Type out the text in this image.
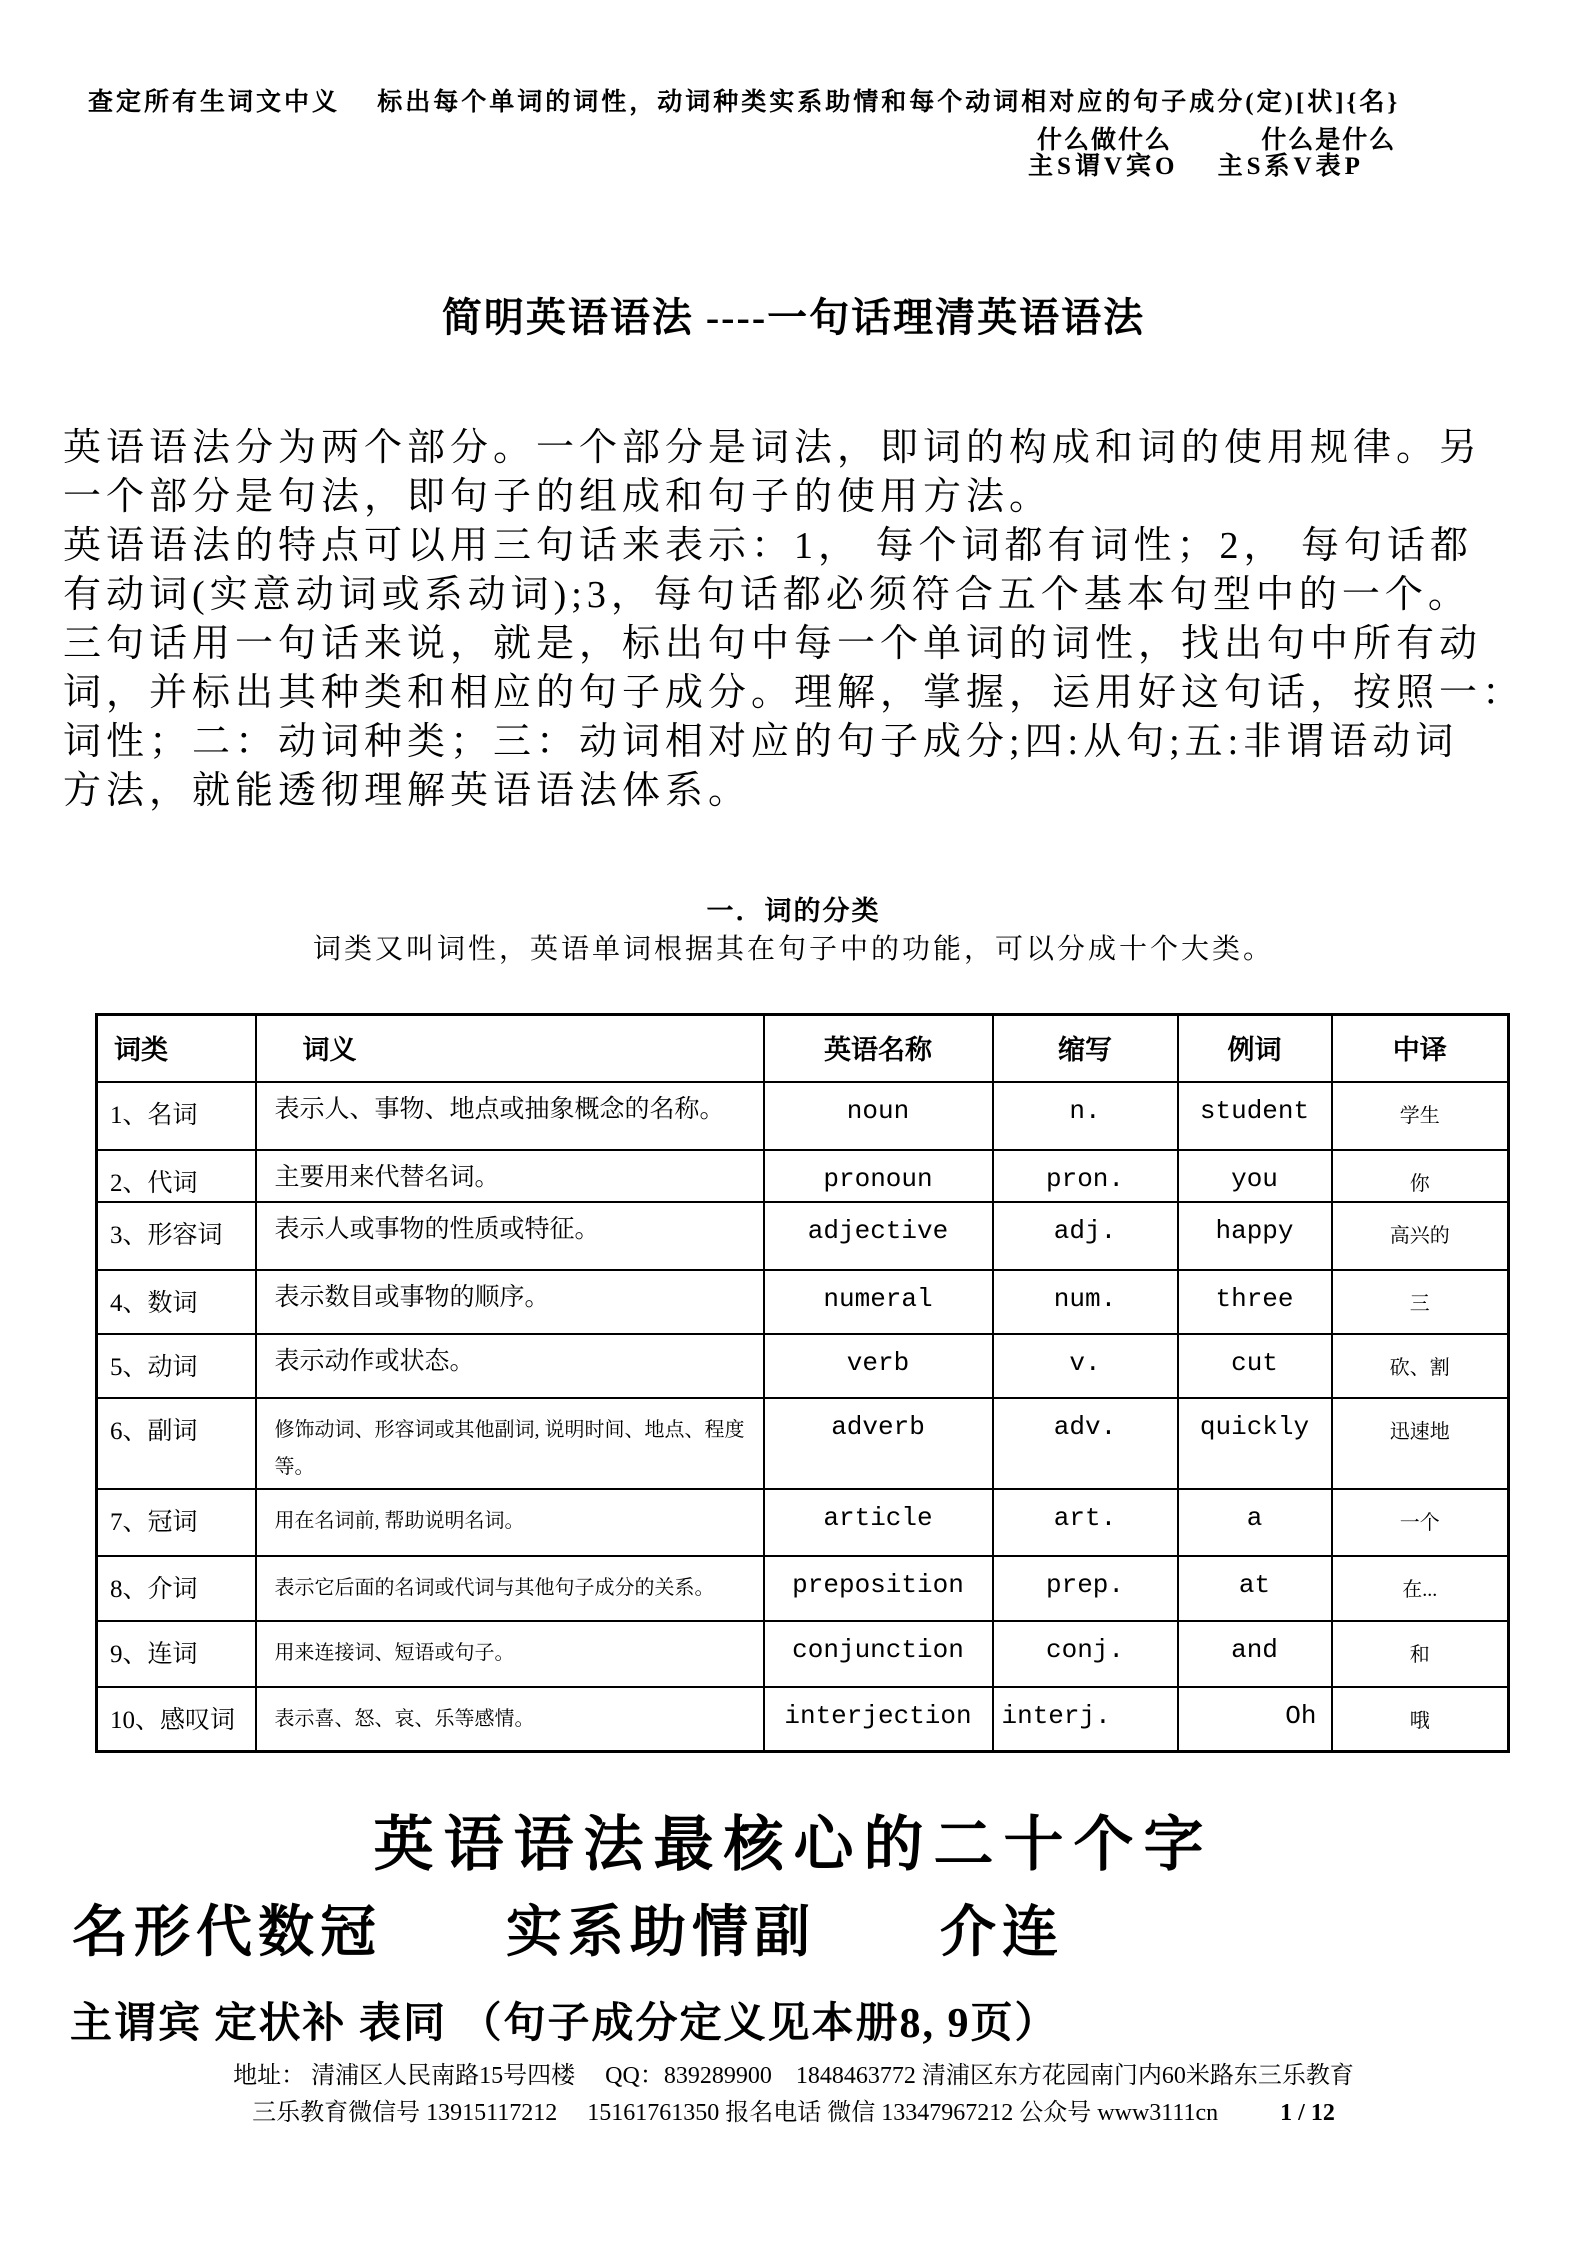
查定所有生词文中义　 标出每个单词的词性，动词种类实系助情和每个动词相对应的句子成分(定)[状]{名}
什么做什么　　　 什么是什么
主S谓V宾O　 主S系V表P
简明英语语法 ----一句话理清英语语法
英语语法分为两个部分。一个部分是词法，即词的构成和词的使用规律。另
一个部分是句法，即句子的组成和句子的使用方法。
英语语法的特点可以用三句话来表示：1， 每个词都有词性；2， 每句话都
有动词(实意动词或系动词);3，每句话都必须符合五个基本句型中的一个。
三句话用一句话来说，就是，标出句中每一个单词的词性，找出句中所有动
词，并标出其种类和相应的句子成分。理解，掌握，运用好这句话，按照一：
词性；二：动词种类；三：动词相对应的句子成分;四:从句;五:非谓语动词
方法，就能透彻理解英语语法体系。
一．词的分类
词类又叫词性，英语单词根据其在句子中的功能，可以分成十个大类。
词类	词义	英语名称	缩写	例词	中译
1、名词	表示人、事物、地点或抽象概念的名称。	noun	n.	student	学生
2、代词	主要用来代替名词。	pronoun	pron.	you	你
3、形容词	表示人或事物的性质或特征。	adjective	adj.	happy	高兴的
4、数词	表示数目或事物的顺序。	numeral	num.	three	三
5、动词	表示动作或状态。	verb	v.	cut	砍、割
6、副词	修饰动词、形容词或其他副词, 说明时间、地点、程度等。	adverb	adv.	quickly	迅速地
7、冠词	用在名词前, 帮助说明名词。	article	art.	a	一个
8、介词	表示它后面的名词或代词与其他句子成分的关系。	preposition	prep.	at	在...
9、连词	用来连接词、短语或句子。	conjunction	conj.	and	和
10、感叹词	表示喜、怒、哀、乐等感情。	interjection	interj.	Oh	哦
英语语法最核心的二十个字
名形代数冠　　实系助情副　　介连
主谓宾 定状补 表同 （句子成分定义见本册8, 9页）
地址： 清浦区人民南路15号四楼　 QQ：839289900　1848463772 清浦区东方花园南门内60米路东三乐教育
三乐教育微信号 13915117212　 15161761350 报名电话 微信 13347967212 公众号 www3111cn	1 / 12
